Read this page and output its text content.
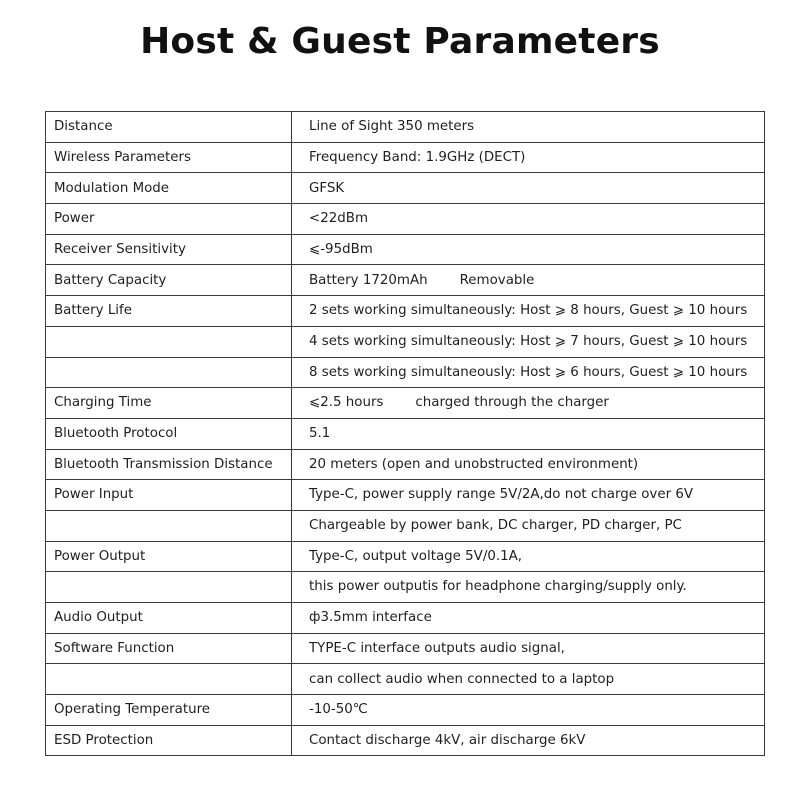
Host & Guest Parameters
Distance	Line of Sight 350 meters
Wireless Parameters	Frequency Band: 1.9GHz (DECT)
Modulation Mode	GFSK
Power	<22dBm
Receiver Sensitivity	⩽-95dBm
Battery Capacity	Battery 1720mAh Removable
Battery Life	2 sets working simultaneously: Host ⩾ 8 hours, Guest ⩾ 10 hours
	4 sets working simultaneously: Host ⩾ 7 hours, Guest ⩾ 10 hours
	8 sets working simultaneously: Host ⩾ 6 hours, Guest ⩾ 10 hours
Charging Time	⩽2.5 hours charged through the charger
Bluetooth Protocol	5.1
Bluetooth Transmission Distance	20 meters (open and unobstructed environment)
Power Input	Type-C, power supply range 5V/2A,do not charge over 6V
	Chargeable by power bank, DC charger, PD charger, PC
Power Output	Type-C, output voltage 5V/0.1A,
	this power outputis for headphone charging/supply only.
Audio Output	ф3.5mm interface
Software Function	TYPE-C interface outputs audio signal,
	can collect audio when connected to a laptop
Operating Temperature	-10-50℃
ESD Protection	Contact discharge 4kV, air discharge 6kV
